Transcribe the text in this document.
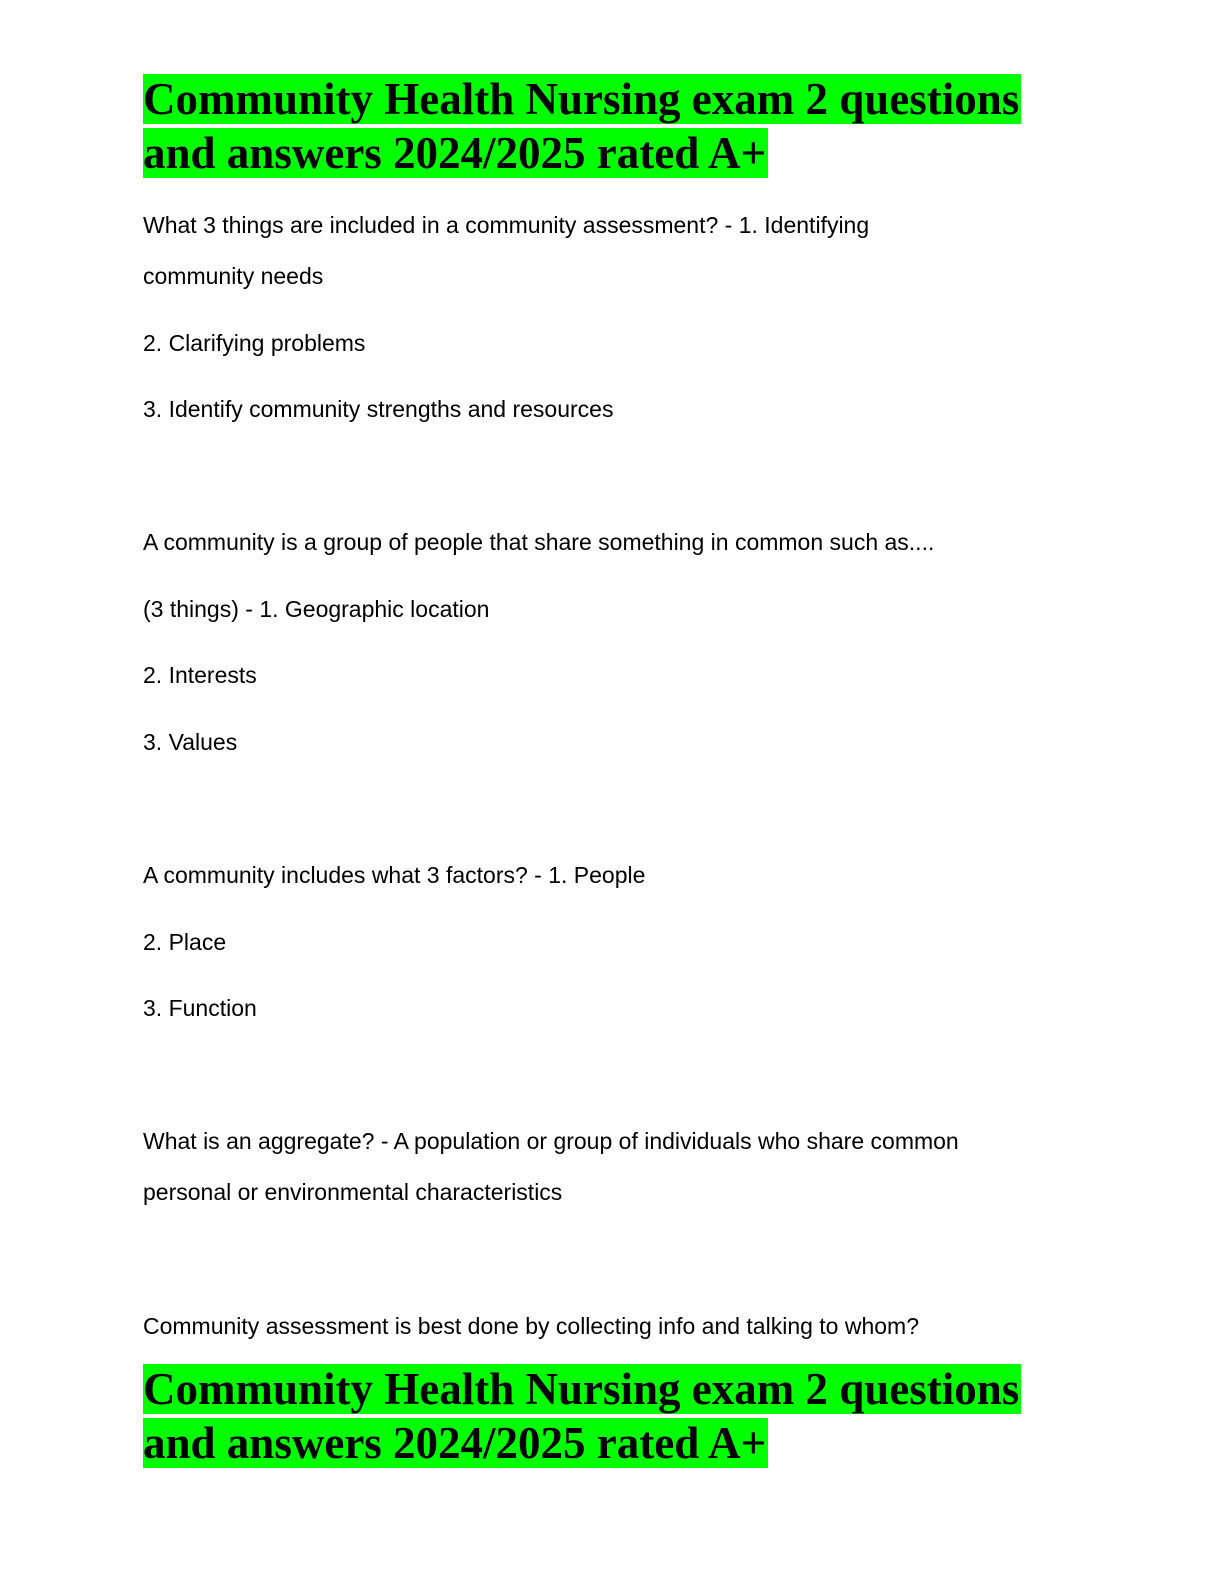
Community Health Nursing exam 2 questions and answers 2024/2025 rated A+

What 3 things are included in a community assessment? - 1. Identifying

community needs

2. Clarifying problems

3. Identify community strengths and resources

A community is a group of people that share something in common such as....

(3 things) - 1. Geographic location

2. Interests

3. Values

A community includes what 3 factors? - 1. People

2. Place

3. Function

What is an aggregate? - A population or group of individuals who share common

personal or environmental characteristics

Community assessment is best done by collecting info and talking to whom?

Community Health Nursing exam 2 questions and answers 2024/2025 rated A+
